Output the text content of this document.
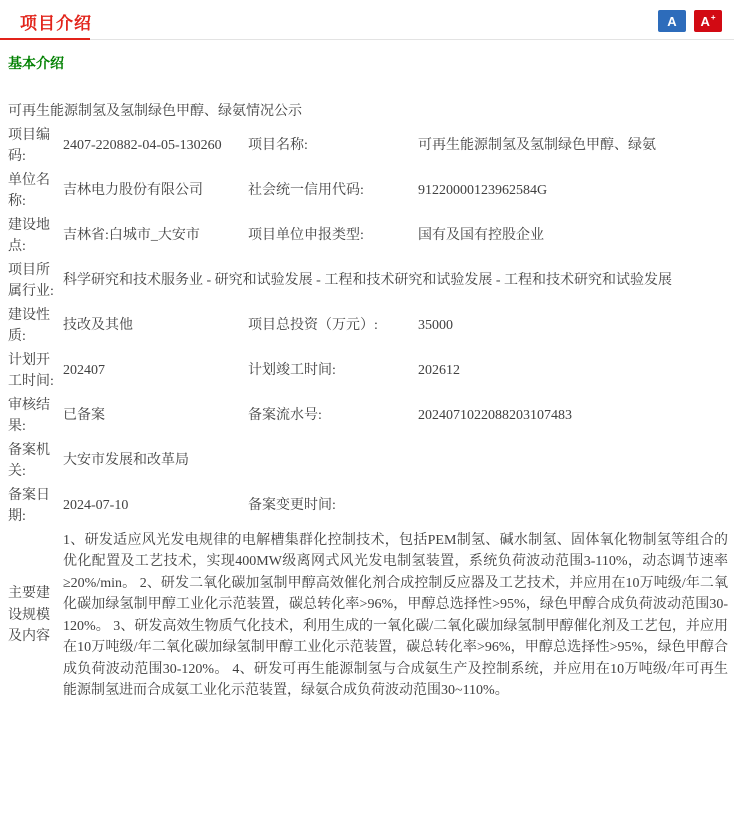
项目介绍	A A+
基本介绍
可再生能源制氢及氢制绿色甲醇、绿氨情况公示			
项目编码:	2407-220882-04-05-130260	项目名称:	可再生能源制氢及氢制绿色甲醇、绿氨
单位名称:	吉林电力股份有限公司	社会统一信用代码:	91220000123962584G
建设地点:	吉林省:白城市_大安市	项目单位申报类型:	国有及国有控股企业
项目所属行业:	科学研究和技术服务业 - 研究和试验发展 - 工程和技术研究和试验发展 - 工程和技术研究和试验发展		
建设性质:	技改及其他	项目总投资（万元）:	35000
计划开工时间:	202407	计划竣工时间:	202612
审核结果:	已备案	备案流水号:	2024071022088203107483
备案机关:	大安市发展和改革局		
备案日期:	2024-07-10	备案变更时间:	
主要建设规模及内容	1、研发适应风光发电规律的电解槽集群化控制技术，包括PEM制氢、碱水制氢、固体氧化物制氢等组合的优化配置及工艺技术，实现400MW级离网式风光发电制氢装置，系统负荷波动范围3-110%，动态调节速率≥20%/min。 2、研发二氧化碳加氢制甲醇高效催化剂合成控制反应器及工艺技术，并应用在10万吨级/年二氧化碳加绿氢制甲醇工业化示范装置，碳总转化率>96%，甲醇总选择性>95%，绿色甲醇合成负荷波动范围30-120%。 3、研发高效生物质气化技术，利用生成的一氧化碳/二氧化碳加绿氢制甲醇催化剂及工艺包，并应用在10万吨级/年二氧化碳加绿氢制甲醇工业化示范装置，碳总转化率>96%，甲醇总选择性>95%，绿色甲醇合成负荷波动范围30-120%。 4、研发可再生能源制氢与合成氨生产及控制系统，并应用在10万吨级/年可再生能源制氢进而合成氨工业化示范装置，绿氨合成负荷波动范围30~110%。		
